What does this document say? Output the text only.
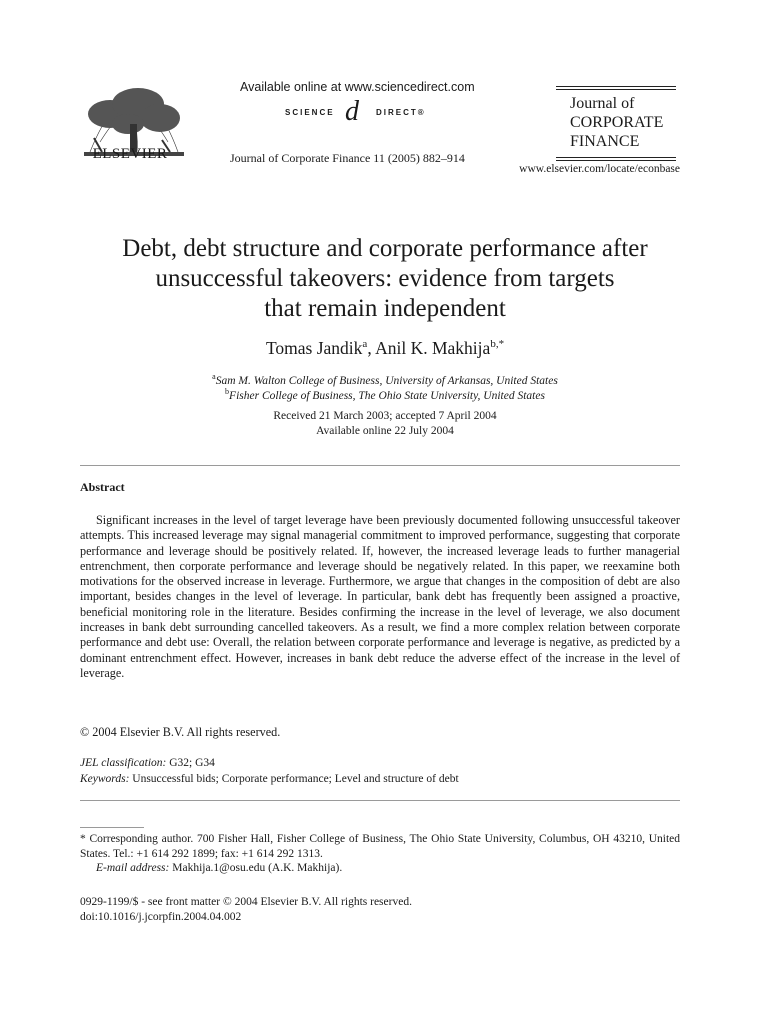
ELSEVIER
Available online at www.sciencedirect.com
SCIENCE d DIRECT®
Journal of Corporate Finance 11 (2005) 882–914
Journal of
CORPORATE
FINANCE
www.elsevier.com/locate/econbase
Debt, debt structure and corporate performance after
unsuccessful takeovers: evidence from targets
that remain independent
Tomas Jandik$^a$, Anil K. Makhija$^{b,*}$
$^a$Sam M. Walton College of Business, University of Arkansas, United States
$^b$Fisher College of Business, The Ohio State University, United States
Received 21 March 2003; accepted 7 April 2004
Available online 22 July 2004
Abstract

Significant increases in the level of target leverage have been previously documented following unsuccessful takeover attempts. This increased leverage may signal managerial commitment to improved performance, suggesting that corporate performance and leverage should be positively related. If, however, the increased leverage leads to further managerial entrenchment, then corporate performance and leverage should be negatively related. In this paper, we reexamine both motivations for the observed increase in leverage. Furthermore, we argue that changes in the composition of debt are also important, besides changes in the level of leverage. In particular, bank debt has frequently been assigned a proactive, beneficial monitoring role in the literature. Besides confirming the increase in the level of leverage, we also document increases in bank debt surrounding cancelled takeovers. As a result, we find a more complex relation between corporate performance and debt use: Overall, the relation between corporate performance and leverage is negative, as predicted by a dominant entrenchment effect. However, increases in bank debt reduce the adverse effect of the increase in the level of leverage.

© 2004 Elsevier B.V. All rights reserved.
JEL classification: G32; G34
Keywords: Unsuccessful bids; Corporate performance; Level and structure of debt

* Corresponding author. 700 Fisher Hall, Fisher College of Business, The Ohio State University, Columbus, OH 43210, United States. Tel.: +1 614 292 1899; fax: +1 614 292 1313.

E-mail address: Makhija.1@osu.edu (A.K. Makhija).
0929-1199/$ - see front matter © 2004 Elsevier B.V. All rights reserved.
doi:10.1016/j.jcorpfin.2004.04.002
